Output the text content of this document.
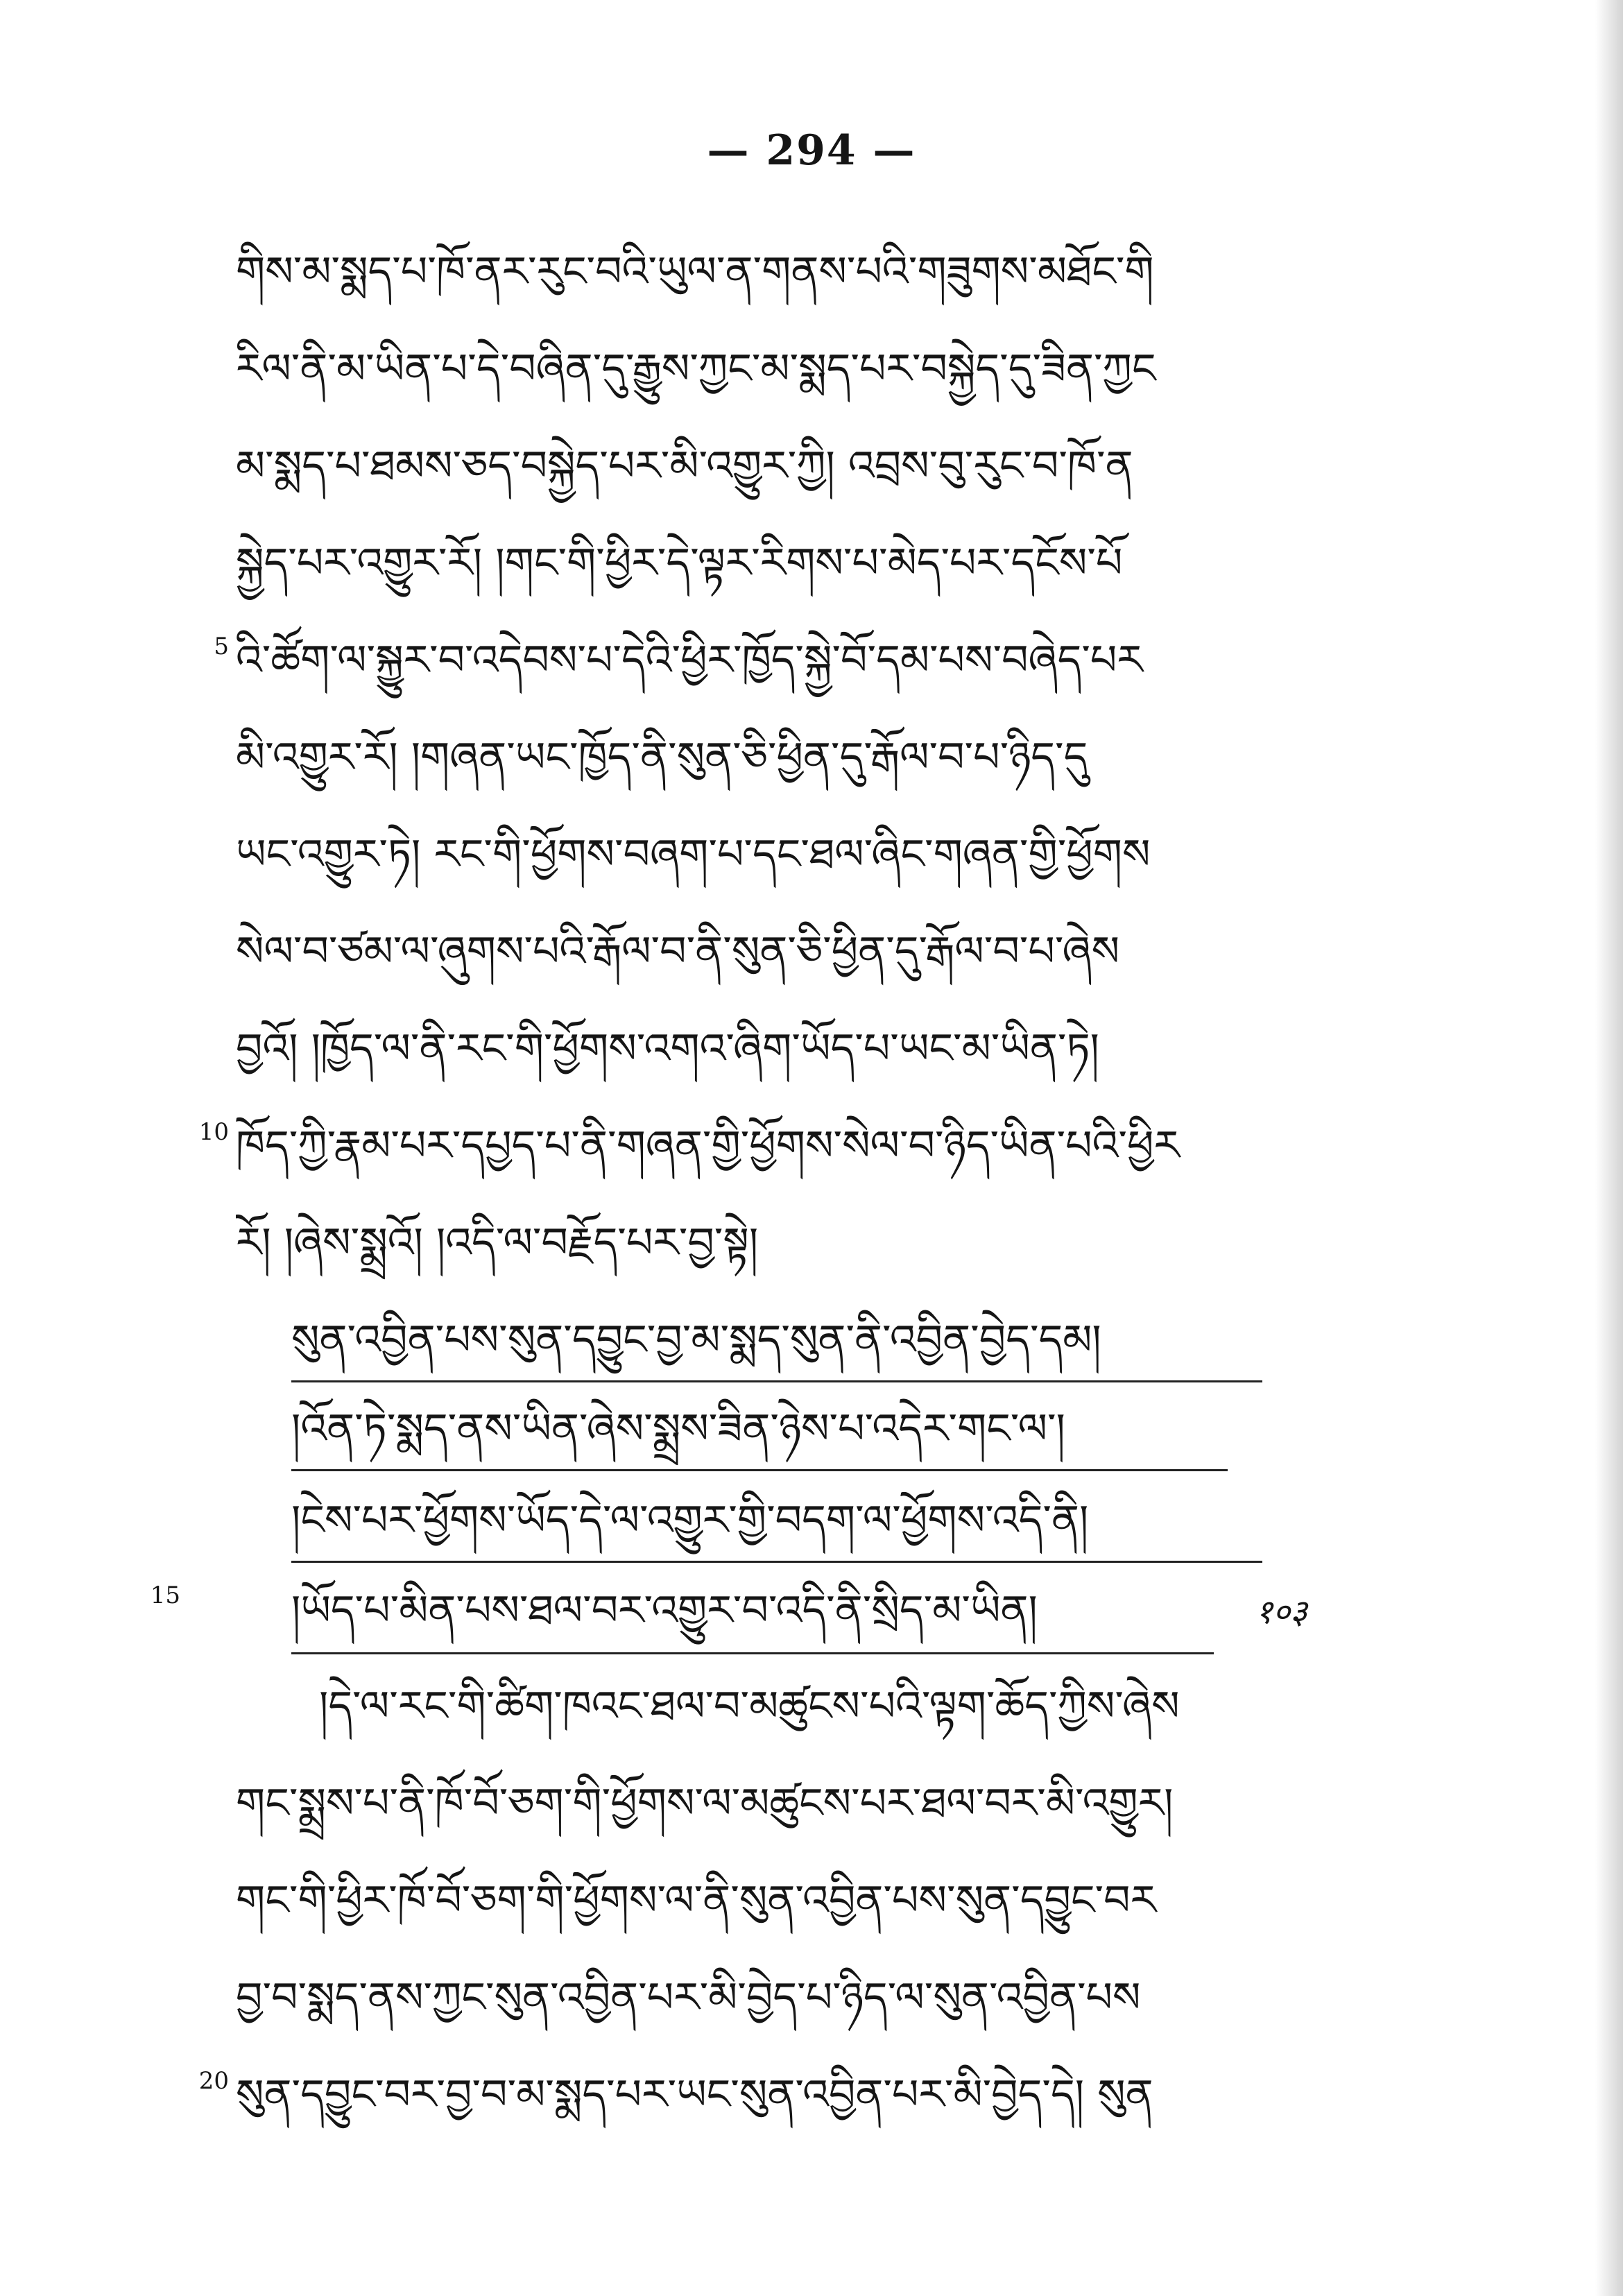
— 294 —
གིས་མ་སྨད་པ་ཁོ་ནར་རུང་བའི་ཡུལ་ན་གནས་པའི་གཟུགས་མཐོང་གི
རིལ་ནི་མ་ཡིན་པ་དེ་བཞིན་དུ་རྒྱུས་ཀྱང་མ་སྨད་པར་བསྐྱེད་དུ་ཟིན་ཀྱང
མ་སྨད་པ་ཐམས་ཅད་བསྐྱེད་པར་མི་འགྱུར་ཀྱི། འབྲས་བུ་རུང་བ་ཁོ་ན
སྐྱེད་པར་འགྱུར་རོ། །གང་གི་ཕྱིར་དེ་ལྟར་རིགས་པ་མེད་པར་དངོས་པོ
5 འི་ཚོག་ལ་སྐྱུར་བ་འདེབས་པ་དེའི་ཕྱིར་ཁྱོད་སྐྱེ་བོ་དམ་པས་བཞེད་པར
མི་འགྱུར་རོ། །གཞན་ཡང་ཁྱོད་ནི་སུན་ཅི་ཕྱིན་དུ་རྒོལ་བ་པ་ཉིད་དུ
ཡང་འགྱུར་ཏེ། རང་གི་ཕྱོགས་བཞག་པ་དང་ཐལ་ཞིང་གཞན་གྱི་ཕྱོགས
སེལ་བ་ཙམ་ལ་ཞུགས་པའི་རྒོལ་བ་ནི་སུན་ཅི་ཕྱིན་དུ་རྒོལ་བ་པ་ཞེས
བྱའོ། །ཁྱོད་ལ་ནི་རང་གི་ཕྱོགས་འགའ་ཞིག་ཡོད་པ་ཡང་མ་ཡིན་ཏེ།
10 ཁོད་ཀྱི་རྣམ་པར་དཔྱད་པ་ནི་གཞན་གྱི་ཕྱོགས་སེལ་བ་ཉིད་ཡིན་པའི་ཕྱིར
རོ། །ཞེས་སྨྲའོ། །འདི་ལ་བརྗོད་པར་བྱ་སྟེ།
སུན་འབྱིན་པས་སུན་དབྱུང་བྱ་མ་སྨད་སུན་ནི་འབྱིན་བྱེད་དམ།
།འོན་ཏེ་སྨད་ནས་ཡིན་ཞེས་སྨྲས་ཟིན་ཉེས་པ་འདེར་གང་ལ་།
།ངེས་པར་ཕྱོགས་ཡོད་དེ་ལ་འགྱུར་གྱི་བདག་ལ་ཕྱོགས་འདི་ནི།
15	།ཡོད་པ་མིན་པས་ཐལ་བར་འགྱུར་བ་འདི་ནི་སྲིད་མ་ཡིན།	१०३
།དེ་ལ་རང་གི་ཚིག་ཁའང་ཐལ་བ་མཚུངས་པའི་ལྟག་ཆོད་ཀྱིས་ཞེས
གང་སྨྲས་པ་ནི་ཁོ་བོ་ཅག་གི་ཕྱོགས་ལ་མཚུངས་པར་ཐལ་བར་མི་འགྱུར།
གང་གི་ཕྱིར་ཁོ་བོ་ཅག་གི་ཕྱོགས་ལ་ནི་སུན་འབྱིན་པས་སུན་དབྱུང་བར
བྱ་བ་སྨད་ནས་ཀྱང་སུན་འབྱིན་པར་མི་བྱེད་པ་ཉིད་ལ་སུན་འབྱིན་པས
20 སུན་དབྱུང་བར་བྱ་བ་མ་སྨད་པར་ཡང་སུན་འབྱིན་པར་མི་བྱེད་དེ། སུན
